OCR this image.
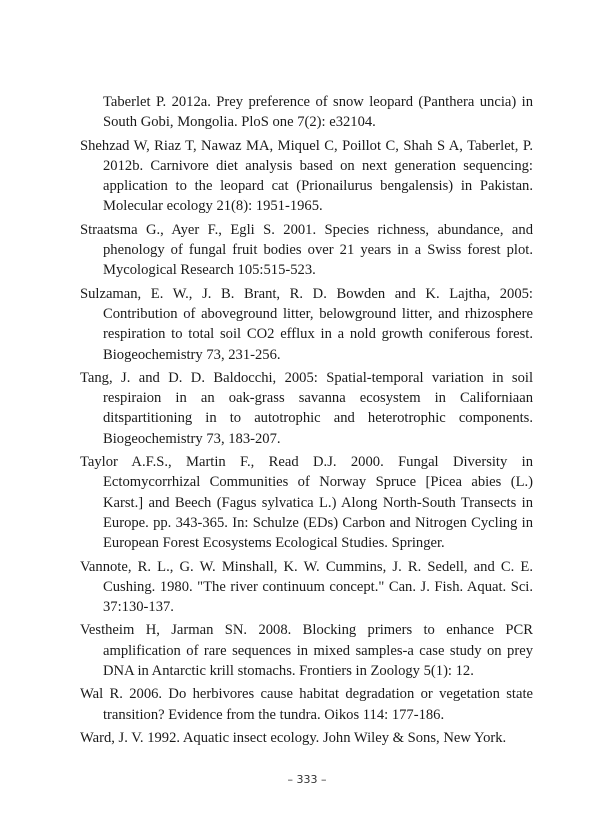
Taberlet P. 2012a. Prey preference of snow leopard (Panthera uncia) in South Gobi, Mongolia. PloS one 7(2): e32104.
Shehzad W, Riaz T, Nawaz MA, Miquel C, Poillot C, Shah S A, Taberlet, P. 2012b. Carnivore diet analysis based on next generation sequencing: application to the leopard cat (Prionailurus bengalensis) in Pakistan. Molecular ecology 21(8): 1951-1965.
Straatsma G., Ayer F., Egli S. 2001. Species richness, abundance, and phenology of fungal fruit bodies over 21 years in a Swiss forest plot. Mycological Research 105:515-523.
Sulzaman, E. W., J. B. Brant, R. D. Bowden and K. Lajtha, 2005: Contribution of aboveground litter, belowground litter, and rhizosphere respiration to total soil CO2 efflux in a nold growth coniferous forest. Biogeochemistry 73, 231-256.
Tang, J. and D. D. Baldocchi, 2005: Spatial-temporal variation in soil respiraion in an oak-grass savanna ecosystem in Californiaan ditspartitioning in to autotrophic and heterotrophic components. Biogeochemistry 73, 183-207.
Taylor A.F.S., Martin F., Read D.J. 2000. Fungal Diversity in Ectomycorrhizal Communities of Norway Spruce [Picea abies (L.) Karst.] and Beech (Fagus sylvatica L.) Along North-South Transects in Europe. pp. 343-365. In: Schulze (EDs) Carbon and Nitrogen Cycling in European Forest Ecosystems Ecological Studies. Springer.
Vannote, R. L., G. W. Minshall, K. W. Cummins, J. R. Sedell, and C. E. Cushing. 1980. "The river continuum concept." Can. J. Fish. Aquat. Sci. 37:130-137.
Vestheim H, Jarman SN. 2008. Blocking primers to enhance PCR amplification of rare sequences in mixed samples‐a case study on prey DNA in Antarctic krill stomachs. Frontiers in Zoology 5(1): 12.
Wal R. 2006. Do herbivores cause habitat degradation or vegetation state transition? Evidence from the tundra. Oikos 114: 177-186.
Ward, J. V. 1992. Aquatic insect ecology. John Wiley & Sons, New York.
– 333 –
